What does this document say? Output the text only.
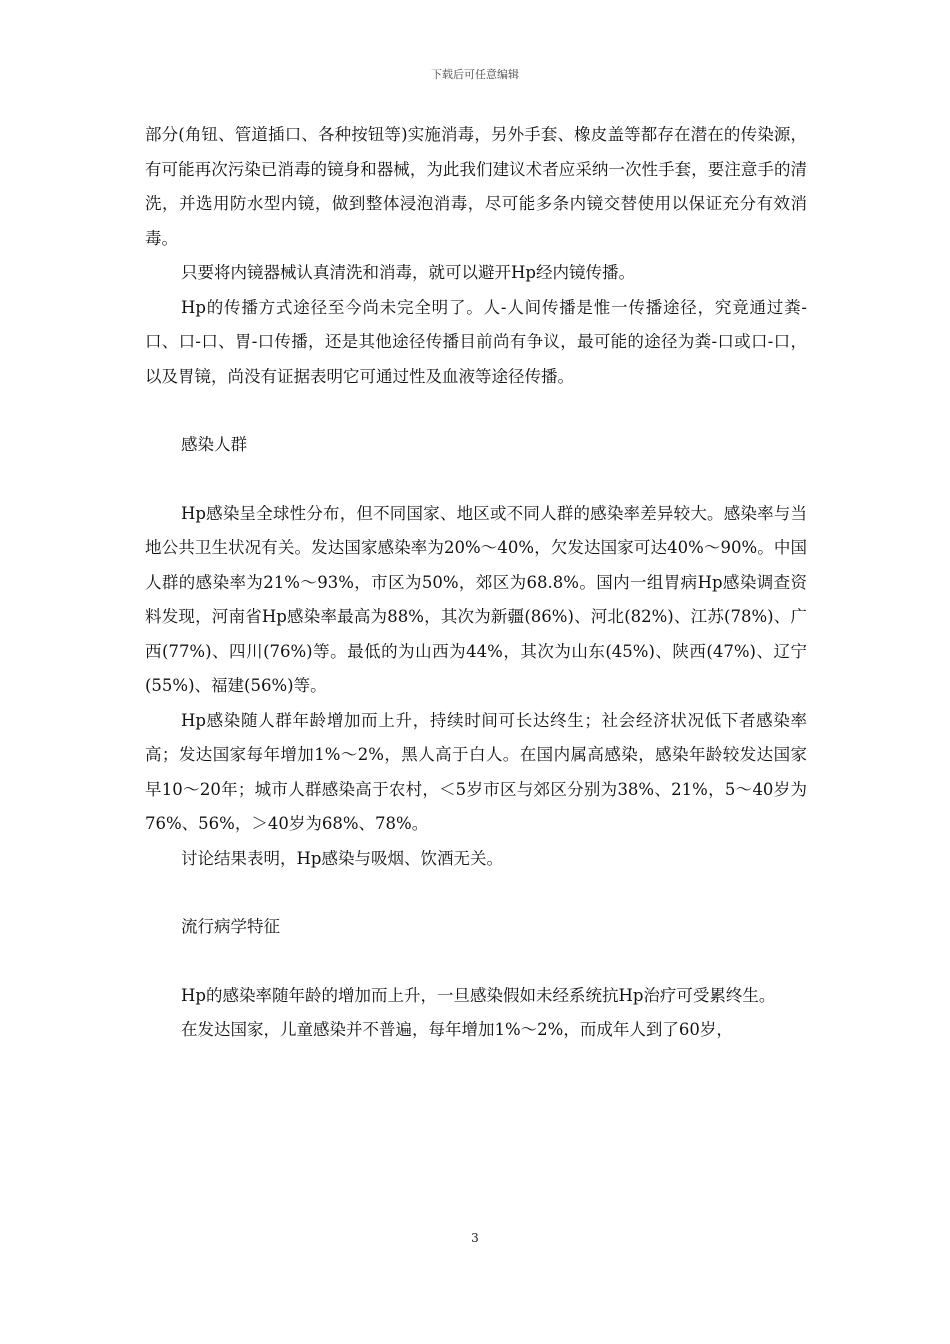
下载后可任意编辑

部分(角钮、管道插口、各种按钮等)实施消毒，另外手套、橡皮盖等都存在潜在的传染源，有可能再次污染已消毒的镜身和器械，为此我们建议术者应采纳一次性手套，要注意手的清洗，并选用防水型内镜，做到整体浸泡消毒，尽可能多条内镜交替使用以保证充分有效消毒。

只要将内镜器械认真清洗和消毒，就可以避开Hp经内镜传播。

Hp的传播方式途径至今尚未完全明了。人-人间传播是惟一传播途径，究竟通过粪-口、口-口、胃-口传播，还是其他途径传播目前尚有争议，最可能的途径为粪-口或口-口，以及胃镜，尚没有证据表明它可通过性及血液等途径传播。

感染人群

Hp感染呈全球性分布，但不同国家、地区或不同人群的感染率差异较大。感染率与当地公共卫生状况有关。发达国家感染率为20%～40%，欠发达国家可达40%～90%。中国人群的感染率为21%～93%，市区为50%，郊区为68.8%。国内一组胃病Hp感染调查资料发现，河南省Hp感染率最高为88%，其次为新疆(86%)、河北(82%)、江苏(78%)、广西(77%)、四川(76%)等。最低的为山西为44%，其次为山东(45%)、陕西(47%)、辽宁(55%)、福建(56%)等。

Hp感染随人群年龄增加而上升，持续时间可长达终生；社会经济状况低下者感染率高；发达国家每年增加1%～2%，黑人高于白人。在国内属高感染，感染年龄较发达国家早10～20年；城市人群感染高于农村，＜5岁市区与郊区分别为38%、21%，5～40岁为76%、56%，＞40岁为68%、78%。

讨论结果表明，Hp感染与吸烟、饮酒无关。

流行病学特征

Hp的感染率随年龄的增加而上升，一旦感染假如未经系统抗Hp治疗可受累终生。

在发达国家，儿童感染并不普遍，每年增加1%～2%，而成年人到了60岁，

3
